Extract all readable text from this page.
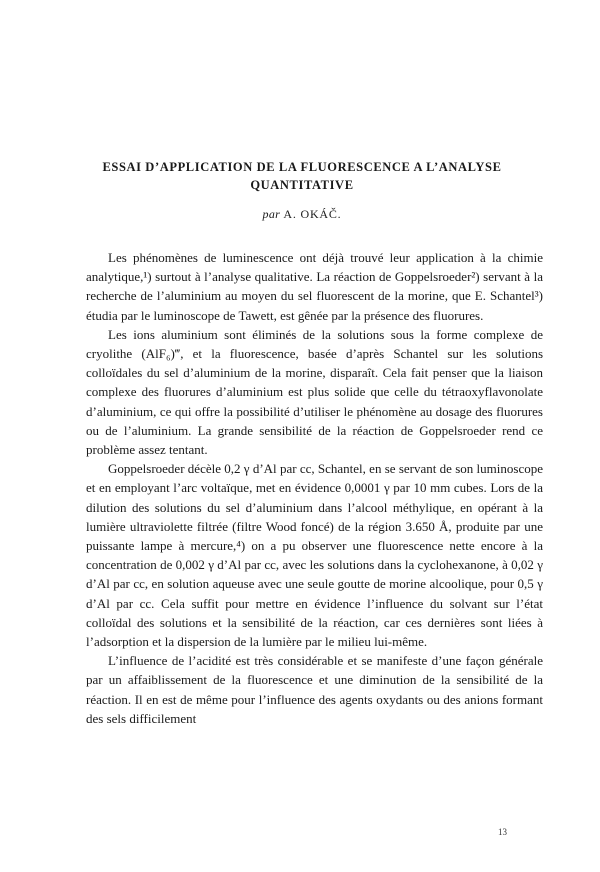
ESSAI D’APPLICATION DE LA FLUORESCENCE A L’ANALYSE QUANTITATIVE

par A. OKÁČ.

Les phénomènes de luminescence ont déjà trouvé leur application à la chimie analytique,¹) surtout à l’analyse qualitative. La réaction de Goppelsroeder²) servant à la recherche de l’aluminium au moyen du sel fluorescent de la morine, que E. Schantel³) étudia par le luminoscope de Tawett, est gênée par la présence des fluorures.

Les ions aluminium sont éliminés de la solutions sous la forme complexe de cryolithe (AlF₆)‴, et la fluorescence, basée d’après Schantel sur les solutions colloïdales du sel d’aluminium de la morine, disparaît. Cela fait penser que la liaison complexe des fluorures d’aluminium est plus solide que celle du tétraoxyflavonolate d’aluminium, ce qui offre la possibilité d’utiliser le phénomène au dosage des fluorures ou de l’aluminium. La grande sensibilité de la réaction de Goppelsroeder rend ce problème assez tentant.

Goppelsroeder décèle 0,2 γ d’Al par cc, Schantel, en se servant de son luminoscope et en employant l’arc voltaïque, met en évidence 0,0001 γ par 10 mm cubes. Lors de la dilution des solutions du sel d’aluminium dans l’alcool méthylique, en opérant à la lumière ultraviolette filtrée (filtre Wood foncé) de la région 3.650 Å, produite par une puissante lampe à mercure,⁴) on a pu observer une fluorescence nette encore à la concentration de 0,002 γ d’Al par cc, avec les solutions dans la cyclohexanone, à 0,02 γ d’Al par cc, en solution aqueuse avec une seule goutte de morine alcoolique, pour 0,5 γ d’Al par cc. Cela suffit pour mettre en évidence l’influence du solvant sur l’état colloïdal des solutions et la sensibilité de la réaction, car ces dernières sont liées à l’adsorption et la dispersion de la lumière par le milieu lui-même.

L’influence de l’acidité est très considérable et se manifeste d’une façon générale par un affaiblissement de la fluorescence et une diminution de la sensibilité de la réaction. Il en est de même pour l’influence des agents oxydants ou des anions formant des sels difficilement

13
